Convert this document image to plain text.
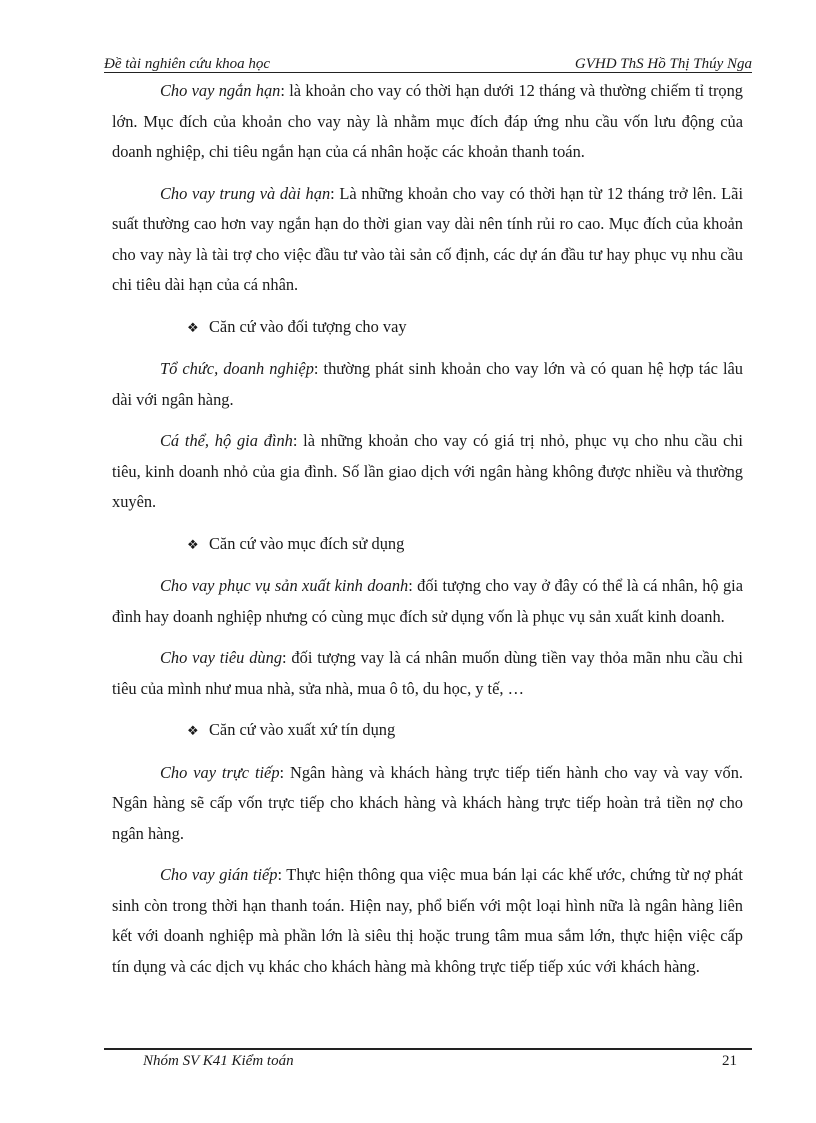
Đề tài nghiên cứu khoa học	GVHD ThS Hồ Thị Thúy Nga

Cho vay ngắn hạn: là khoản cho vay có thời hạn dưới 12 tháng và thường chiếm tỉ trọng lớn. Mục đích của khoản cho vay này là nhằm mục đích đáp ứng nhu cầu vốn lưu động của doanh nghiệp, chi tiêu ngắn hạn của cá nhân hoặc các khoản thanh toán.

Cho vay trung và dài hạn: Là những khoản cho vay có thời hạn từ 12 tháng trở lên. Lãi suất thường cao hơn vay ngắn hạn do thời gian vay dài nên tính rủi ro cao. Mục đích của khoản cho vay này là tài trợ cho việc đầu tư vào tài sản cố định, các dự án đầu tư hay phục vụ nhu cầu chi tiêu dài hạn của cá nhân.

❖ Căn cứ vào đối tượng cho vay

Tổ chức, doanh nghiệp: thường phát sinh khoản cho vay lớn và có quan hệ hợp tác lâu dài với ngân hàng.

Cá thể, hộ gia đình: là những khoản cho vay có giá trị nhỏ, phục vụ cho nhu cầu chi tiêu, kinh doanh nhỏ của gia đình. Số lần giao dịch với ngân hàng không được nhiều và thường xuyên.

❖ Căn cứ vào mục đích sử dụng

Cho vay phục vụ sản xuất kinh doanh: đối tượng cho vay ở đây có thể là cá nhân, hộ gia đình hay doanh nghiệp nhưng có cùng mục đích sử dụng vốn là phục vụ sản xuất kinh doanh.

Cho vay tiêu dùng: đối tượng vay là cá nhân muốn dùng tiền vay thỏa mãn nhu cầu chi tiêu của mình như mua nhà, sửa nhà, mua ô tô, du học, y tế, …

❖ Căn cứ vào xuất xứ tín dụng

Cho vay trực tiếp: Ngân hàng và khách hàng trực tiếp tiến hành cho vay và vay vốn. Ngân hàng sẽ cấp vốn trực tiếp cho khách hàng và khách hàng trực tiếp hoàn trả tiền nợ cho ngân hàng.

Cho vay gián tiếp: Thực hiện thông qua việc mua bán lại các khế ước, chứng từ nợ phát sinh còn trong thời hạn thanh toán. Hiện nay, phổ biến với một loại hình nữa là ngân hàng liên kết với doanh nghiệp mà phần lớn là siêu thị hoặc trung tâm mua sắm lớn, thực hiện việc cấp tín dụng và các dịch vụ khác cho khách hàng mà không trực tiếp tiếp xúc với khách hàng.

Nhóm SV K41 Kiểm toán	21
